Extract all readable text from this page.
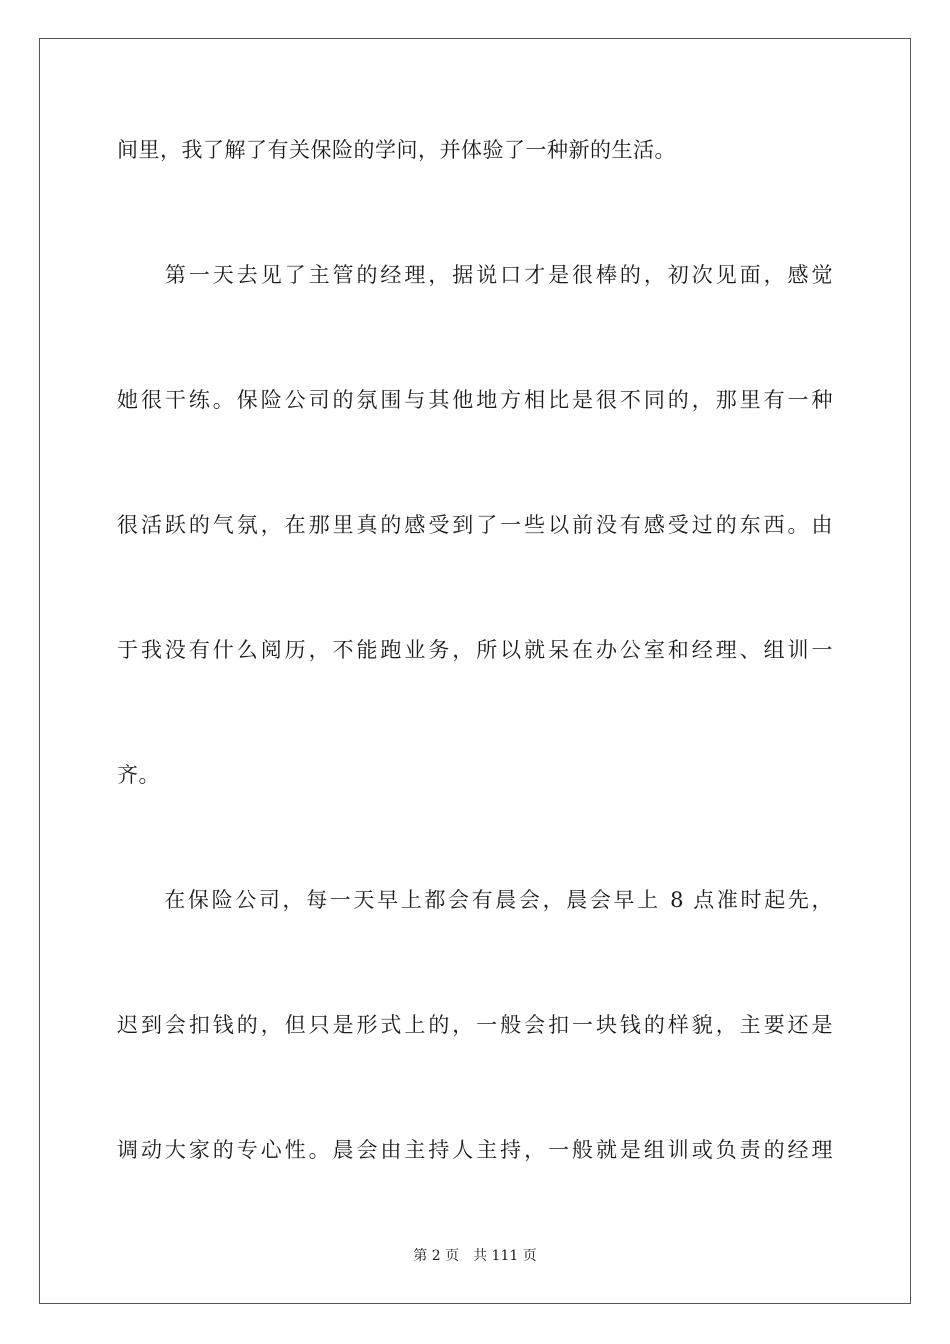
间里，我了解了有关保险的学问，并体验了一种新的生活。
　　第一天去见了主管的经理，据说口才是很棒的，初次见面，感觉
她很干练。保险公司的氛围与其他地方相比是很不同的，那里有一种
很活跃的气氛，在那里真的感受到了一些以前没有感受过的东西。由
于我没有什么阅历，不能跑业务，所以就呆在办公室和经理、组训一
齐。
　　在保险公司，每一天早上都会有晨会，晨会早上 8 点准时起先，
迟到会扣钱的，但只是形式上的，一般会扣一块钱的样貌，主要还是
调动大家的专心性。晨会由主持人主持，一般就是组训或负责的经理
第 2 页　共 111 页
